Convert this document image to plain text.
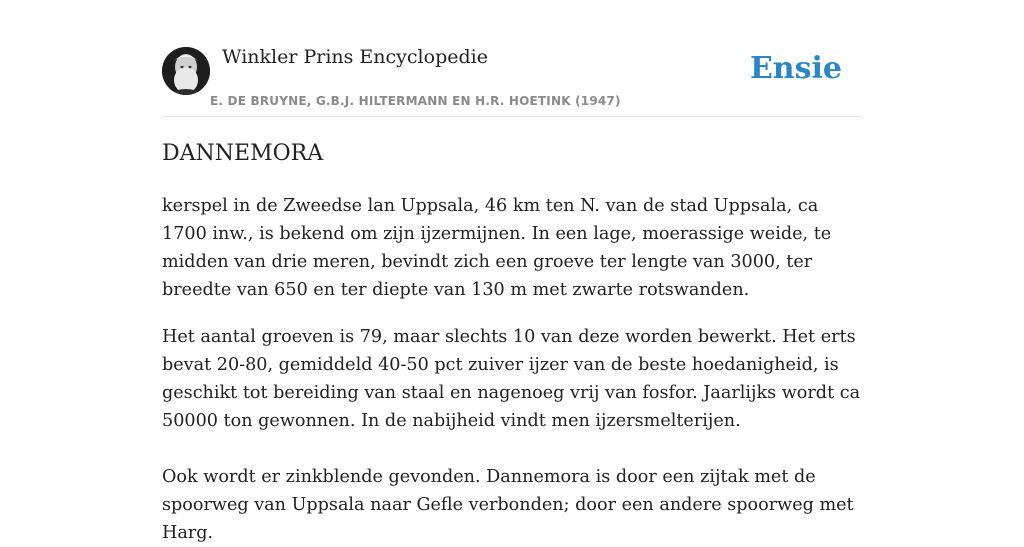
Winkler Prins Encyclopedie
E. DE BRUYNE, G.B.J. HILTERMANN EN H.R. HOETINK (1947)
Ensie
DANNEMORA

kerspel in de Zweedse lan Uppsala, 46 km ten N. van de stad Uppsala, ca 1700 inw., is bekend om zijn ijzermijnen. In een lage, moerassige weide, te midden van drie meren, bevindt zich een groeve ter lengte van 3000, ter breedte van 650 en ter diepte van 130 m met zwarte rotswanden.

Het aantal groeven is 79, maar slechts 10 van deze worden bewerkt. Het erts bevat 20-80, gemiddeld 40-50 pct zuiver ijzer van de beste hoedanigheid, is geschikt tot bereiding van staal en nagenoeg vrij van fosfor. Jaarlijks wordt ca 50000 ton gewonnen. In de nabijheid vindt men ijzersmelterijen.

Ook wordt er zinkblende gevonden. Dannemora is door een zijtak met de spoorweg van Uppsala naar Gefle verbonden; door een andere spoorweg met Harg.
